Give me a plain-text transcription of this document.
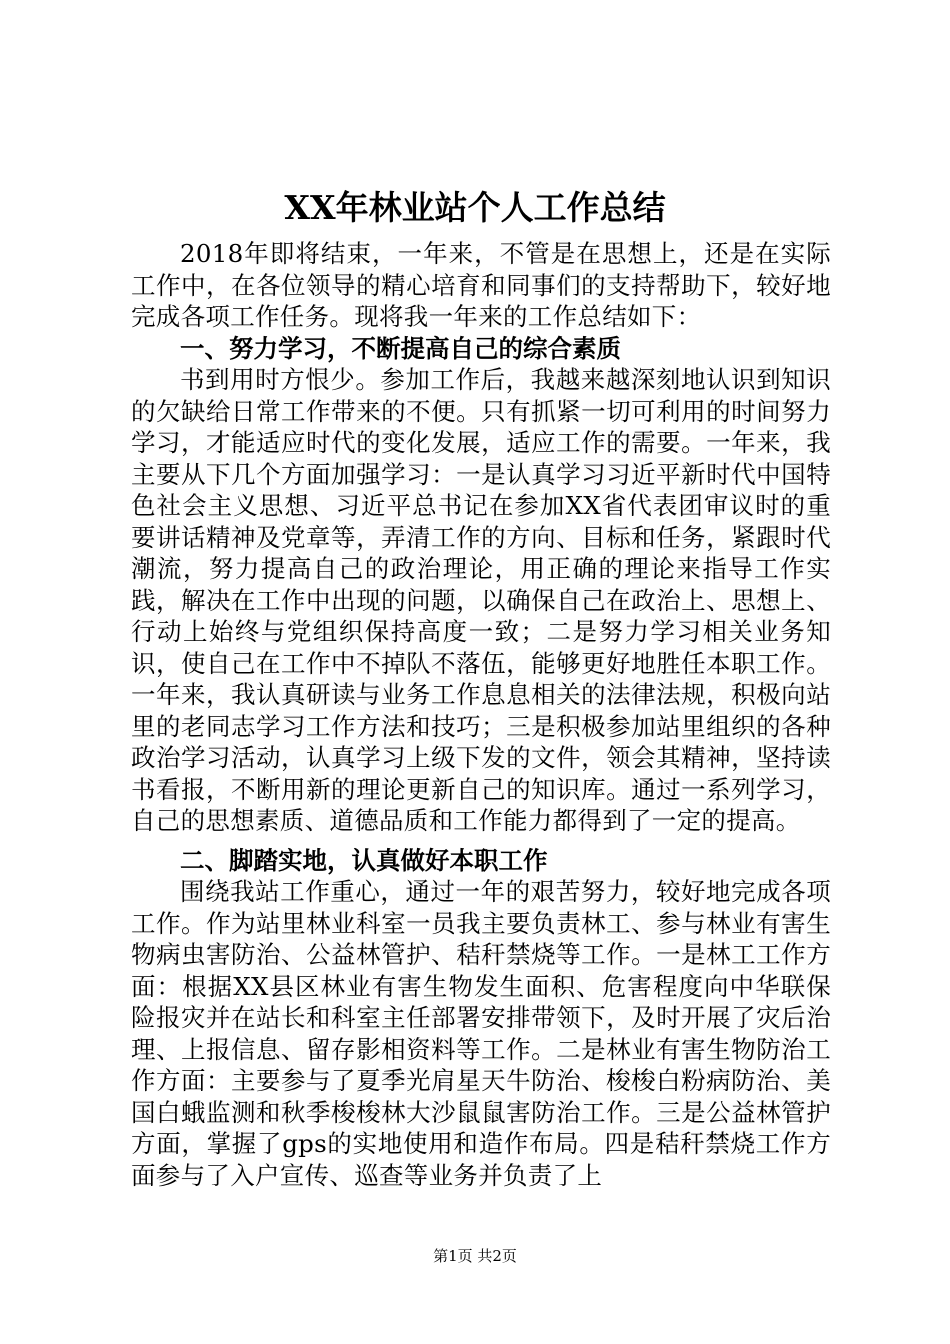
XX年林业站个人工作总结

2018年即将结束，一年来，不管是在思想上，还是在实际工作中，在各位领导的精心培育和同事们的支持帮助下，较好地完成各项工作任务。现将我一年来的工作总结如下：

一、努力学习，不断提高自己的综合素质

书到用时方恨少。参加工作后，我越来越深刻地认识到知识的欠缺给日常工作带来的不便。只有抓紧一切可利用的时间努力学习，才能适应时代的变化发展，适应工作的需要。一年来，我主要从下几个方面加强学习：一是认真学习习近平新时代中国特色社会主义思想、习近平总书记在参加XX省代表团审议时的重要讲话精神及党章等，弄清工作的方向、目标和任务，紧跟时代潮流，努力提高自己的政治理论，用正确的理论来指导工作实践，解决在工作中出现的问题，以确保自己在政治上、思想上、行动上始终与党组织保持高度一致；二是努力学习相关业务知识，使自己在工作中不掉队不落伍，能够更好地胜任本职工作。一年来，我认真研读与业务工作息息相关的法律法规，积极向站里的老同志学习工作方法和技巧；三是积极参加站里组织的各种政治学习活动，认真学习上级下发的文件，领会其精神，坚持读书看报，不断用新的理论更新自己的知识库。通过一系列学习，自己的思想素质、道德品质和工作能力都得到了一定的提高。

二、脚踏实地，认真做好本职工作

围绕我站工作重心，通过一年的艰苦努力，较好地完成各项工作。作为站里林业科室一员我主要负责林工、参与林业有害生物病虫害防治、公益林管护、秸秆禁烧等工作。一是林工工作方面：根据XX县区林业有害生物发生面积、危害程度向中华联保险报灾并在站长和科室主任部署安排带领下，及时开展了灾后治理、上报信息、留存影相资料等工作。二是林业有害生物防治工作方面：主要参与了夏季光肩星天牛防治、梭梭白粉病防治、美国白蛾监测和秋季梭梭林大沙鼠鼠害防治工作。三是公益林管护方面，掌握了gps的实地使用和造作布局。四是秸秆禁烧工作方面参与了入户宣传、巡查等业务并负责了上

第1页 共2页
